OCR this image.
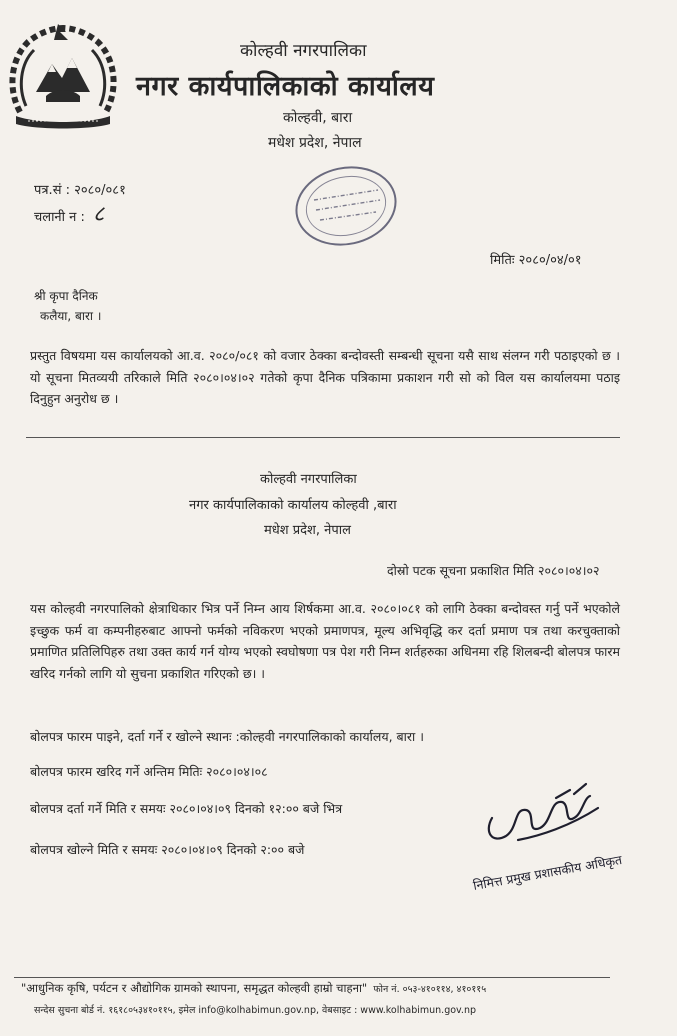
कोल्हवी नगरपालिका
नगर कार्यपालिकाको कार्यालय
कोल्हवी, बारा
मधेश प्रदेश, नेपाल
पत्र.सं : २०८०/०८१
चलानी न : ८
मितिः २०८०/०४/०१
श्री कृपा दैनिक
कलैया, बारा ।
प्रस्तुत विषयमा यस कार्यालयको आ.व. २०८०/०८१ को वजार ठेक्का बन्दोवस्ती सम्बन्धी सूचना यसै साथ संलग्न गरी पठाइएको छ । यो सूचना मितव्ययी तरिकाले मिति २०८०।०४।०२ गतेको कृपा दैनिक पत्रिकामा प्रकाशन गरी सो को विल यस कार्यालयमा पठाइ दिनुहुन अनुरोध छ ।
कोल्हवी नगरपालिका
नगर कार्यपालिकाको कार्यालय कोल्हवी ,बारा
मधेश प्रदेश, नेपाल
दोस्रो पटक सूचना प्रकाशित मिति २०८०।०४।०२
यस कोल्हवी नगरपालिको क्षेत्राधिकार भित्र पर्ने निम्न आय शिर्षकमा आ.व. २०८०।०८१ को लागि ठेक्का बन्दोवस्त गर्नु पर्ने भएकोले इच्छुक फर्म वा कम्पनीहरुबाट आफ्नो फर्मको नविकरण भएको प्रमाणपत्र, मूल्य अभिवृद्धि कर दर्ता प्रमाण पत्र तथा करचुक्ताको प्रमाणित प्रतिलिपिहरु तथा उक्त कार्य गर्न योग्य भएको स्वघोषणा पत्र पेश गरी निम्न शर्तहरुका अधिनमा रहि शिलबन्दी बोलपत्र फारम खरिद गर्नको लागि यो सुचना प्रकाशित गरिएको छ। ।
बोलपत्र फारम पाइने, दर्ता गर्ने र खोल्ने स्थानः :कोल्हवी नगरपालिकाको कार्यालय, बारा ।
बोलपत्र फारम खरिद गर्ने अन्तिम मितिः २०८०।०४।०८
बोलपत्र दर्ता गर्ने मिति र समयः २०८०।०४।०९ दिनको १२:०० बजे भित्र
बोलपत्र खोल्ने मिति र समयः २०८०।०४।०९ दिनको २:०० बजे
निमित्त प्रमुख प्रशासकीय अधिकृत
"आधुनिक कृषि, पर्यटन र औद्योगिक ग्रामको स्थापना, समृद्धत कोल्हवी हाम्रो चाहना" फोन नं. ०५३-४१०११४, ४१०११५
सन्देस सुचना बोर्ड नं. १६१८०५३४१०११५, इमेल info@kolhabimun.gov.np, वेबसाइट : www.kolhabimun.gov.np
